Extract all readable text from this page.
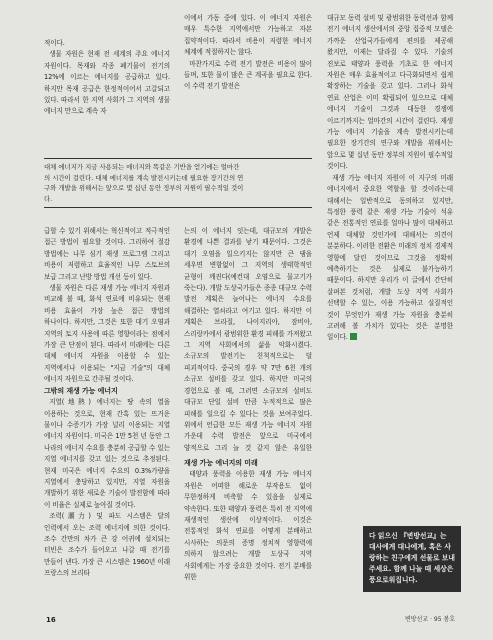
적이다.

생물 자원은 현재 전 세계의 주요 에너지 자원이다. 목재와 각종 폐기물이 전기의 12%에 이르는 에너지를 공급하고 있다. 하지만 목재 공급은 한정적이어서 고갈되고 있다. 따라서 한 지역 사회가 그 지역의 생물 에너지 만으로 계속 자

이에서 가동 중에 있다. 이 에너지 자원은 매우 특수한 지역에서만 가능하고 자본 집약적이다. 따라서 비용이 저렴한 에너지 체계에 적절하지는 않다.

마찬가지로 수력 전기 발전은 비용이 많이 들며, 또한 물이 많은 큰 계곡을 필요로 한다. 이 수력 전기 발전은

대규모 동력 설비 및 광범위한 동력선과 함께 전기 에너지 생산에서의 중앙 집중적 모델은 가까운 산업국가들에게 편의를 제공해 왔지만, 이제는 달라질 수 있다. 기술의 진보로 태양과 풍력을 기초로 한 에너지 자원은 매우 효율적이고 다극화되면서 쉽게 확장하는 기술을 갖고 있다. 그러나 화석 연료 산업은 이미 확립되어 있으므로 대체 에너지 기술이 그것과 대등한 경쟁에 이르기까지는 얼마간의 시간이 걸린다. 재생 가능 에너지 기술을 계속 발전시키는데 필요한 장기간의 연구와 개발을 위해서는 앞으로 몇 십년 동안 정부의 지원이 필수적일 것이다.

재생 가능 에너지 자원이 이 지구의 미래 에너지에서 중요한 역할을 할 것이라는데 대해서는 일반적으로 동의하고 있지만, 특정한 풍력 같은 재생 가능 기술이 석유 같은 전통적인 연료를 얼마나 많이 대체하고 언제 대체할 것인가에 대해서는 의견이 분분하다. 이러한 전환은 미래의 정치 경제적 영향에 달린 것이므로 그것을 정확히 예측하기는 것은 실제로 불가능하기 때문이다. 하지만 우리가 이 글에서 간단히 살펴본 것처럼, 개발 도상 지역 사회가 선택할 수 있는, 이용 가능하고 실질적인 것이 무엇인가 재생 가능 자원을 충분히 고려해 볼 가치가 있다는 것은 분명한 일이다.

대체 에너지가 지금 사용되는 에너지와 똑같은 기반을 얻기에는 얼마간의 시간이 걸린다. 대체 에너지를 계속 발전시키는데 필요한 장기간의 연구와 개발을 위해서는 앞으로 몇 십년 동안 정부의 지원이 필수적일 것이다.

급할 수 있기 위해서는 혁신적이고 적극적인 접근 방법이 필요할 것이다. 그리하여 절감 방법에는 나무 심기 재생 프로그램 그리고 비용이 저렴하고 효율적인 나무 스토브의 보급 그리고 난방 방법 개선 등이 있다.

생물 자원은 다른 재생 가능 에너지 자원과 비교해 볼 때, 화석 연료에 비유되는 현재 비용 효율이 가장 높은 접근 방법의 하나이다. 하지만, 그것은 또한 대기 오염과 지역의 토지 사용에 따른 영향이라는 점에서 가장 큰 단점이 된다. 따라서 미래에는 다른 대체 에너지 자원을 이용할 수 있는 지역에서나 이용되는 "지금 기술"의 대체 에너지 자원으로 간주될 것이다.

그밖의 재생 가능 에너지

지열(地熱) 에너지는 땅 속의 열을 이용하는 것으로, 현재 간혹 있는 뜨거운 물이나 수증기가 가장 널리 이용되는 지열 에너지 자원이다. 미국은 1만 5천 년 동안 그 나라의 에너지 수요를 충분히 공급할 수 있는 지열 에너지를 갖고 있는 것으로 추정된다. 현재 미국은 에너지 수요의 0.3%가량을 지열에서 충당하고 있지만, 지열 자원을 개발하기 위한 새로운 기술이 발전함에 따라 이 비율은 실제로 높아질 것이다.

조력(潮力) 및 파도 시스템은 달의 인력에서 오는 조력 에너지에 의한 것이다. 조수 간만의 차가 큰 강 어귀에 설치되는 터빈은 조수가 들어오고 나갈 때 전기를 만들어 낸다. 가장 큰 시스템은 1960년 이래 프랑스의 브리타

는의 이 에너지 잇는데, 대규모의 개발은 환경에 나쁜 결과를 낳기 때문이다. 그것은 대기 오염을 일으키지는 않지만 큰 댐을 세우면 변함없이 그 지역의 생태학적인 균형이 깨진다(예컨대 오염으로 물고기가 죽는다). 개발 도상국가들은 종종 대규모 수력 발전 계획은 늘어나는 에너지 수요를 해결하는 열쇠라고 여기고 있다. 하지만 이 계획은 브라질, 나이지리아, 잠비아, 스리랑카에서 광범위한 환경 피해를 가져왔고 그 지역 사회에서의 삶을 악화시켰다. 소규모의 발전기는 친척적으로는 덜 피괴적이다. 중국의 경우 약 7만 6천 개의 소규모 설비를 갖고 있다. 하지만 미국의 경험으로 볼 때, 그러면 소규모의 설비도 대규모 단일 설비 만큼 누적적으로 많은 피해를 일으킬 수 있다는 것을 보여주었다. 위에서 언급한 모든 재생 가능 에너지 자원 가운데 수력 발전은 앞으로 미국에서 양적으로 그리 늘 것 같지 않은 유일한

재생 가능 에너지의 미래

태양과 풍력을 이용한 재생 가능 에너지 자원은 어떠한 해로운 부작용도 없이 무한정하게 비축할 수 있음을 실제로 약속한다. 또한 태양과 풍력은 특히 전 지역에 재생적인 생산에 이상적이다. 이것은 전통적인 화석 연료를 어떻게 분배하고 시사하는 의문의 증명 정치적 영향력에 의하지 않으려는 개발 도상국 지역 사회에게는 가장 중요한 것이다. 전기 분배를 위한

다 읽으신 『변방선교』는 대사에게 대나에게, 혹은 사랑하는 친구에게 선물로 보내주세요. 함께 나눌 때 세상은 풍요로워집니다.
16	변방선교 · 95 봄호
